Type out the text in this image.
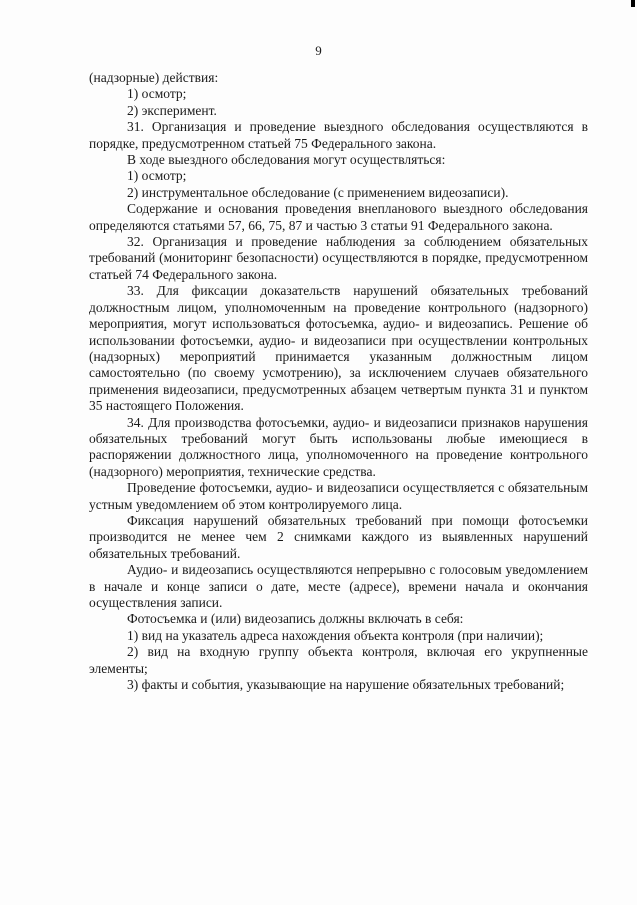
9

(надзорные) действия:

1) осмотр;

2) эксперимент.

31. Организация и проведение выездного обследования осуществляются в порядке, предусмотренном статьей 75 Федерального закона.

В ходе выездного обследования могут осуществляться:

1) осмотр;

2) инструментальное обследование (с применением видеозаписи).

Содержание и основания проведения внепланового выездного обследования определяются статьями 57, 66, 75, 87 и частью 3 статьи 91 Федерального закона.

32. Организация и проведение наблюдения за соблюдением обязательных требований (мониторинг безопасности) осуществляются в порядке, предусмотренном статьей 74 Федерального закона.

33. Для фиксации доказательств нарушений обязательных требований должностным лицом, уполномоченным на проведение контрольного (надзорного) мероприятия, могут использоваться фотосъемка, аудио- и видеозапись. Решение об использовании фотосъемки, аудио- и видеозаписи при осуществлении контрольных (надзорных) мероприятий принимается указанным должностным лицом самостоятельно (по своему усмотрению), за исключением случаев обязательного применения видеозаписи, предусмотренных абзацем четвертым пункта 31 и пунктом 35 настоящего Положения.

34. Для производства фотосъемки, аудио- и видеозаписи признаков нарушения обязательных требований могут быть использованы любые имеющиеся в распоряжении должностного лица, уполномоченного на проведение контрольного (надзорного) мероприятия, технические средства.

Проведение фотосъемки, аудио- и видеозаписи осуществляется с обязательным устным уведомлением об этом контролируемого лица.

Фиксация нарушений обязательных требований при помощи фотосъемки производится не менее чем 2 снимками каждого из выявленных нарушений обязательных требований.

Аудио- и видеозапись осуществляются непрерывно с голосовым уведомлением в начале и конце записи о дате, месте (адресе), времени начала и окончания осуществления записи.

Фотосъемка и (или) видеозапись должны включать в себя:

1) вид на указатель адреса нахождения объекта контроля (при наличии);

2) вид на входную группу объекта контроля, включая его укрупненные элементы;

3) факты и события, указывающие на нарушение обязательных требований;
